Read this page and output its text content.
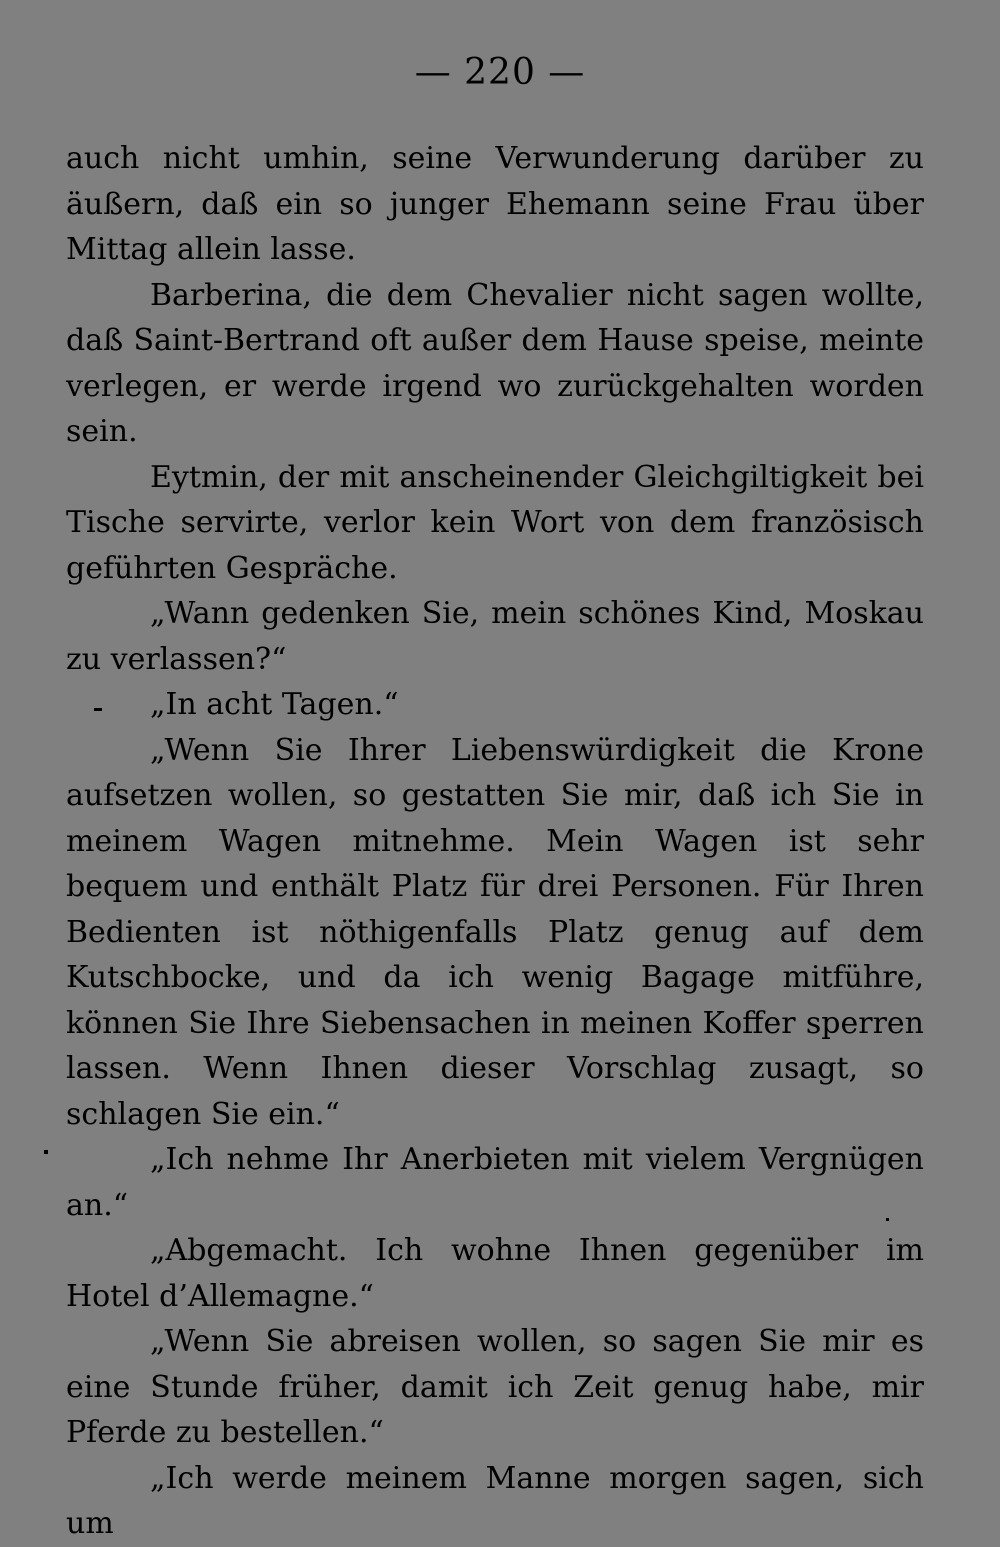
— 220 —

auch nicht umhin, seine Verwunderung darüber zu äußern, daß ein so junger Ehemann seine Frau über Mittag allein lasse.

Barberina, die dem Chevalier nicht sagen wollte, daß Saint-Bertrand oft außer dem Hause speise, meinte verlegen, er werde irgend wo zurückgehalten worden sein.

Eytmin, der mit anscheinender Gleichgiltigkeit bei Tische servirte, verlor kein Wort von dem französisch geführten Gespräche.

„Wann gedenken Sie, mein schönes Kind, Moskau zu verlassen?“

„In acht Tagen.“

„Wenn Sie Ihrer Liebenswürdigkeit die Krone aufsetzen wollen, so gestatten Sie mir, daß ich Sie in meinem Wagen mitnehme. Mein Wagen ist sehr bequem und enthält Platz für drei Personen. Für Ihren Bedienten ist nöthigenfalls Platz genug auf dem Kutschbocke, und da ich wenig Bagage mitführe, können Sie Ihre Siebensachen in meinen Koffer sperren lassen. Wenn Ihnen dieser Vorschlag zusagt, so schlagen Sie ein.“

„Ich nehme Ihr Anerbieten mit vielem Vergnügen an.“

„Abgemacht. Ich wohne Ihnen gegenüber im Hotel d’Allemagne.“

„Wenn Sie abreisen wollen, so sagen Sie mir es eine Stunde früher, damit ich Zeit genug habe, mir Pferde zu bestellen.“

„Ich werde meinem Manne morgen sagen, sich um
